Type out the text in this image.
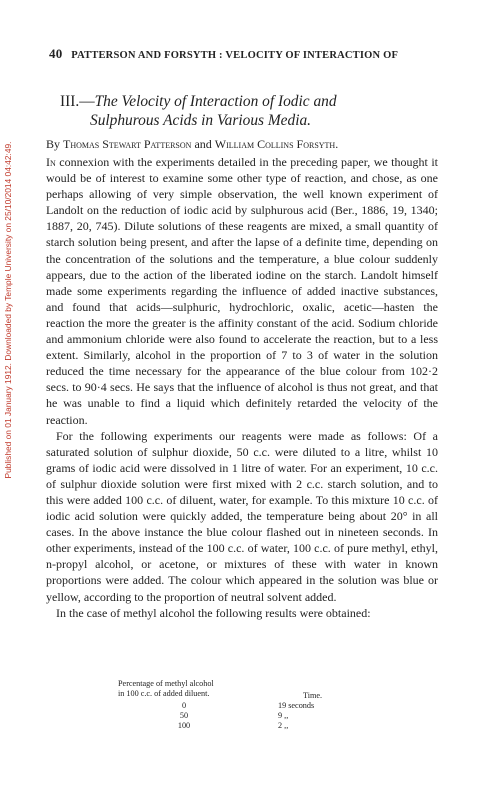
Published on 01 January 1912. Downloaded by Temple University on 25/10/2014 04:42:49.
40 PATTERSON AND FORSYTH : VELOCITY OF INTERACTION OF
III.—The Velocity of Interaction of Iodic and
Sulphurous Acids in Various Media.
By Thomas Stewart Patterson and William Collins Forsyth.

In connexion with the experiments detailed in the preceding paper, we thought it would be of interest to examine some other type of reaction, and chose, as one perhaps allowing of very simple observation, the well known experiment of Landolt on the reduction of iodic acid by sulphurous acid (Ber., 1886, 19, 1340; 1887, 20, 745). Dilute solutions of these reagents are mixed, a small quantity of starch solution being present, and after the lapse of a definite time, depending on the concentration of the solutions and the temperature, a blue colour suddenly appears, due to the action of the liberated iodine on the starch. Landolt himself made some experiments regarding the influence of added inactive substances, and found that acids—sulphuric, hydrochloric, oxalic, acetic—hasten the reaction the more the greater is the affinity constant of the acid. Sodium chloride and ammonium chloride were also found to accelerate the reaction, but to a less extent. Similarly, alcohol in the proportion of 7 to 3 of water in the solution reduced the time necessary for the appearance of the blue colour from 102·2 secs. to 90·4 secs. He says that the influence of alcohol is thus not great, and that he was unable to find a liquid which definitely retarded the velocity of the reaction.

For the following experiments our reagents were made as follows: Of a saturated solution of sulphur dioxide, 50 c.c. were diluted to a litre, whilst 10 grams of iodic acid were dissolved in 1 litre of water. For an experiment, 10 c.c. of sulphur dioxide solution were first mixed with 2 c.c. starch solution, and to this were added 100 c.c. of diluent, water, for example. To this mixture 10 c.c. of iodic acid solution were quickly added, the temperature being about 20° in all cases. In the above instance the blue colour flashed out in nineteen seconds. In other experiments, instead of the 100 c.c. of water, 100 c.c. of pure methyl, ethyl, n-propyl alcohol, or acetone, or mixtures of these with water in known proportions were added. The colour which appeared in the solution was blue or yellow, according to the proportion of neutral solvent added.

In the case of methyl alcohol the following results were obtained:

Percentage of methyl alcohol
in 100 c.c. of added diluent.	Time.
0	19 seconds
50	9 ,,
100	2 ,,
